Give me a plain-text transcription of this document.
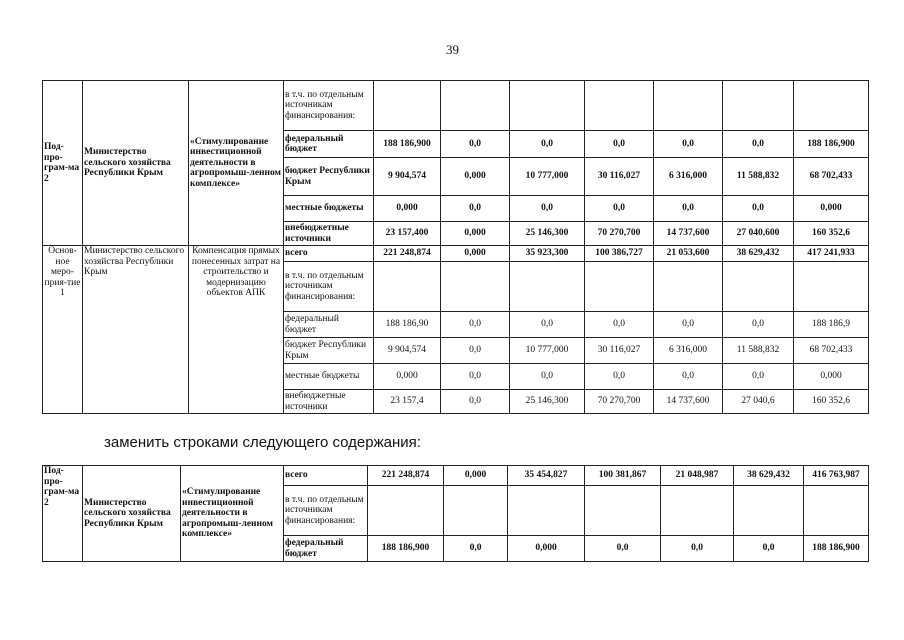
39
Под-про-грам-ма 2	Министерство сельского хозяйства Республики Крым	«Стимулирование инвестиционной деятельности в агропромыш-ленном комплексе»	в т.ч. по отдельным источникам финансирования:							
			федеральный бюджет	188 186,900	0,0	0,0	0,0	0,0	0,0	188 186,900
			бюджет Республики Крым	9 904,574	0,000	10 777,000	30 116,027	6 316,000	11 588,832	68 702,433
			местные бюджеты	0,000	0,0	0,0	0,0	0,0	0,0	0,000
			внебюджетные источники	23 157,400	0,000	25 146,300	70 270,700	14 737,600	27 040,600	160 352,6
Основ-ное меро-прия-тие 1	Министерство сельского хозяйства Республики Крым	Компенсация прямых понесенных затрат на строительство и модернизацию объектов АПК	всего	221 248,874	0,000	35 923,300	100 386,727	21 053,600	38 629,432	417 241,933
			в т.ч. по отдельным источникам финансирования:							
			федеральный бюджет	188 186,90	0,0	0,0	0,0	0,0	0,0	188 186,9
			бюджет Республики Крым	9 904,574	0,0	10 777,000	30 116,027	6 316,000	11 588,832	68 702,433
			местные бюджеты	0,000	0,0	0,0	0,0	0,0	0,0	0,000
			внебюджетные источники	23 157,4	0,0	25 146,300	70 270,700	14 737,600	27 040,6	160 352,6
заменить строками следующего содержания:
Под-про-грам-ма 2	Министерство сельского хозяйства Республики Крым	«Стимулирование инвестиционной деятельности в агропромыш-ленном комплексе»	всего	221 248,874	0,000	35 454,827	100 381,867	21 048,987	38 629,432	416 763,987
			в т.ч. по отдельным источникам финансирования:							
			федеральный бюджет	188 186,900	0,0	0,000	0,0	0,0	0,0	188 186,900
